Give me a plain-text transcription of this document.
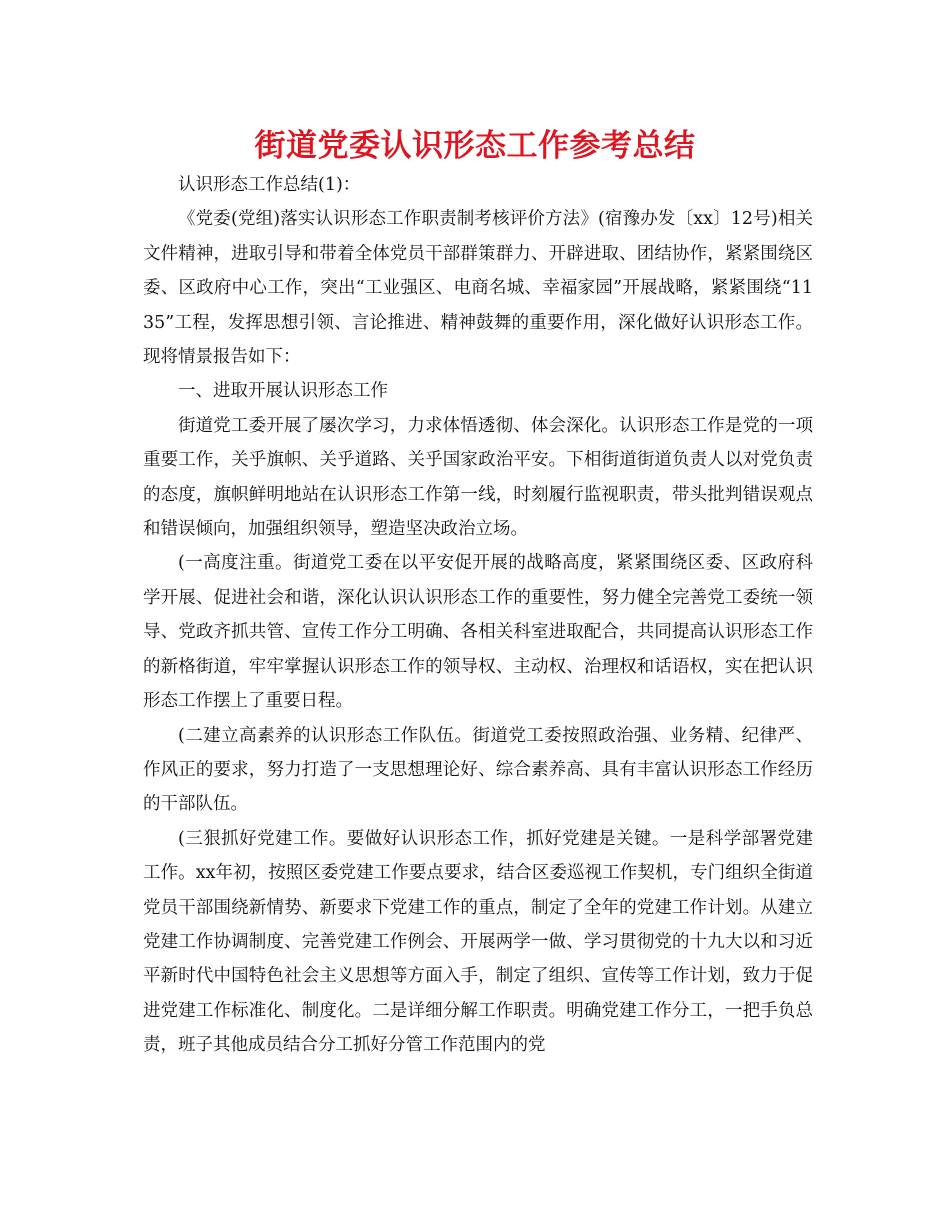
街道党委认识形态工作参考总结

认识形态工作总结(1)：

《党委(党组)落实认识形态工作职责制考核评价方法》(宿豫办发〔xx〕12号)相关文件精神，进取引导和带着全体党员干部群策群力、开辟进取、团结协作，紧紧围绕区委、区政府中心工作，突出“工业强区、电商名城、幸福家园”开展战略，紧紧围绕“1135”工程，发挥思想引领、言论推进、精神鼓舞的重要作用，深化做好认识形态工作。现将情景报告如下：

一、进取开展认识形态工作

街道党工委开展了屡次学习，力求体悟透彻、体会深化。认识形态工作是党的一项重要工作，关乎旗帜、关乎道路、关乎国家政治平安。下相街道街道负责人以对党负责的态度，旗帜鲜明地站在认识形态工作第一线，时刻履行监视职责，带头批判错误观点和错误倾向，加强组织领导，塑造坚决政治立场。

(一高度注重。街道党工委在以平安促开展的战略高度，紧紧围绕区委、区政府科学开展、促进社会和谐，深化认识认识形态工作的重要性，努力健全完善党工委统一领导、党政齐抓共管、宣传工作分工明确、各相关科室进取配合，共同提高认识形态工作的新格街道，牢牢掌握认识形态工作的领导权、主动权、治理权和话语权，实在把认识形态工作摆上了重要日程。

(二建立高素养的认识形态工作队伍。街道党工委按照政治强、业务精、纪律严、作风正的要求，努力打造了一支思想理论好、综合素养高、具有丰富认识形态工作经历的干部队伍。

(三狠抓好党建工作。要做好认识形态工作，抓好党建是关键。一是科学部署党建工作。xx年初，按照区委党建工作要点要求，结合区委巡视工作契机，专门组织全街道党员干部围绕新情势、新要求下党建工作的重点，制定了全年的党建工作计划。从建立党建工作协调制度、完善党建工作例会、开展两学一做、学习贯彻党的十九大以和习近平新时代中国特色社会主义思想等方面入手，制定了组织、宣传等工作计划，致力于促进党建工作标准化、制度化。二是详细分解工作职责。明确党建工作分工，一把手负总责，班子其他成员结合分工抓好分管工作范围内的党
